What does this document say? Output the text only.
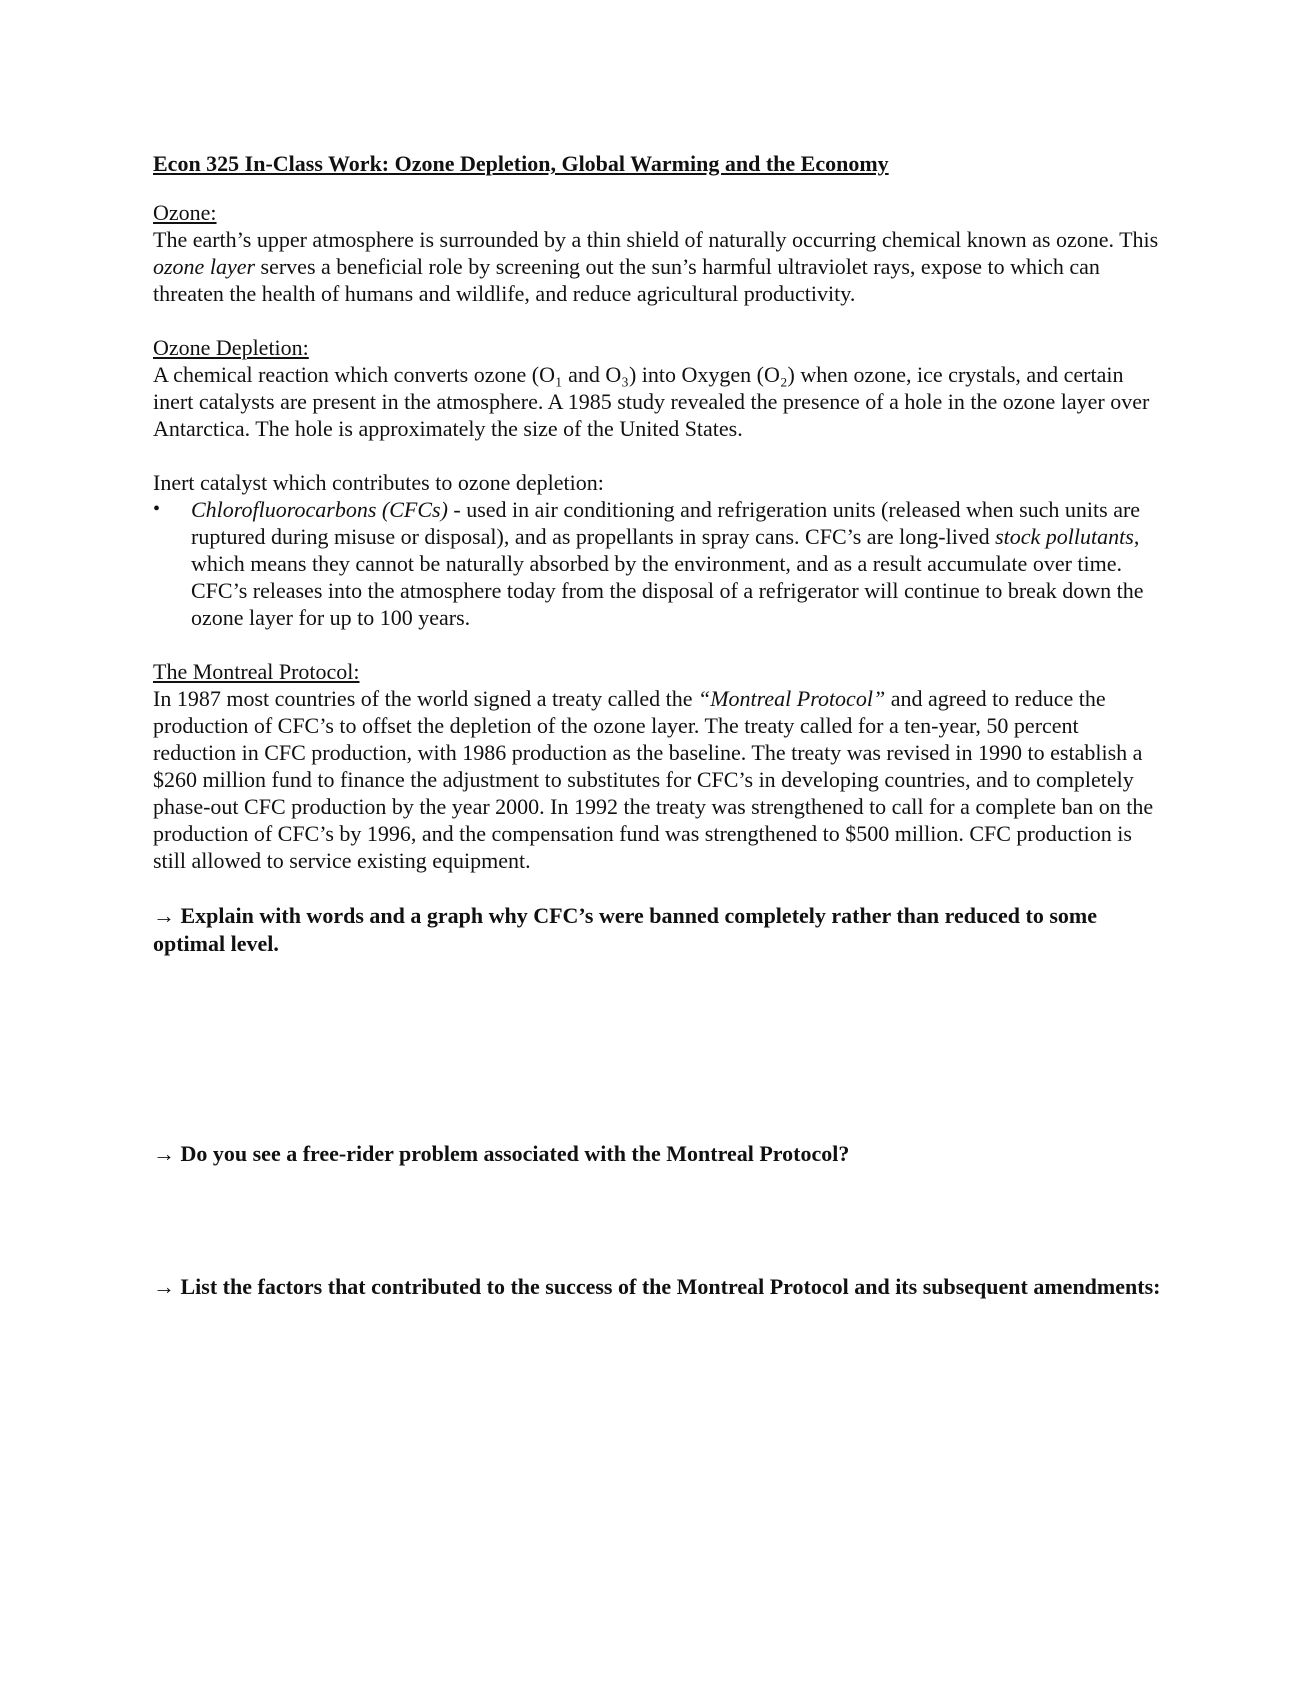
Econ 325 In-Class Work: Ozone Depletion, Global Warming and the Economy
Ozone:

The earth’s upper atmosphere is surrounded by a thin shield of naturally occurring chemical known as ozone. This ozone layer serves a beneficial role by screening out the sun’s harmful ultraviolet rays, expose to which can threaten the health of humans and wildlife, and reduce agricultural productivity.

Ozone Depletion:

A chemical reaction which converts ozone (O₁ and O₃) into Oxygen (O₂) when ozone, ice crystals, and certain inert catalysts are present in the atmosphere. A 1985 study revealed the presence of a hole in the ozone layer over Antarctica. The hole is approximately the size of the United States.

Inert catalyst which contributes to ozone depletion:
•	Chlorofluorocarbons (CFCs) - used in air conditioning and refrigeration units (released when such units are ruptured during misuse or disposal), and as propellants in spray cans. CFC’s are long-lived stock pollutants, which means they cannot be naturally absorbed by the environment, and as a result accumulate over time. CFC’s releases into the atmosphere today from the disposal of a refrigerator will continue to break down the ozone layer for up to 100 years.
The Montreal Protocol:

In 1987 most countries of the world signed a treaty called the “Montreal Protocol” and agreed to reduce the production of CFC’s to offset the depletion of the ozone layer. The treaty called for a ten-year, 50 percent reduction in CFC production, with 1986 production as the baseline. The treaty was revised in 1990 to establish a $260 million fund to finance the adjustment to substitutes for CFC’s in developing countries, and to completely phase-out CFC production by the year 2000. In 1992 the treaty was strengthened to call for a complete ban on the production of CFC’s by 1996, and the compensation fund was strengthened to $500 million. CFC production is still allowed to service existing equipment.

→ Explain with words and a graph why CFC’s were banned completely rather than reduced to some optimal level.
→ Do you see a free-rider problem associated with the Montreal Protocol?
→ List the factors that contributed to the success of the Montreal Protocol and its subsequent amendments:
